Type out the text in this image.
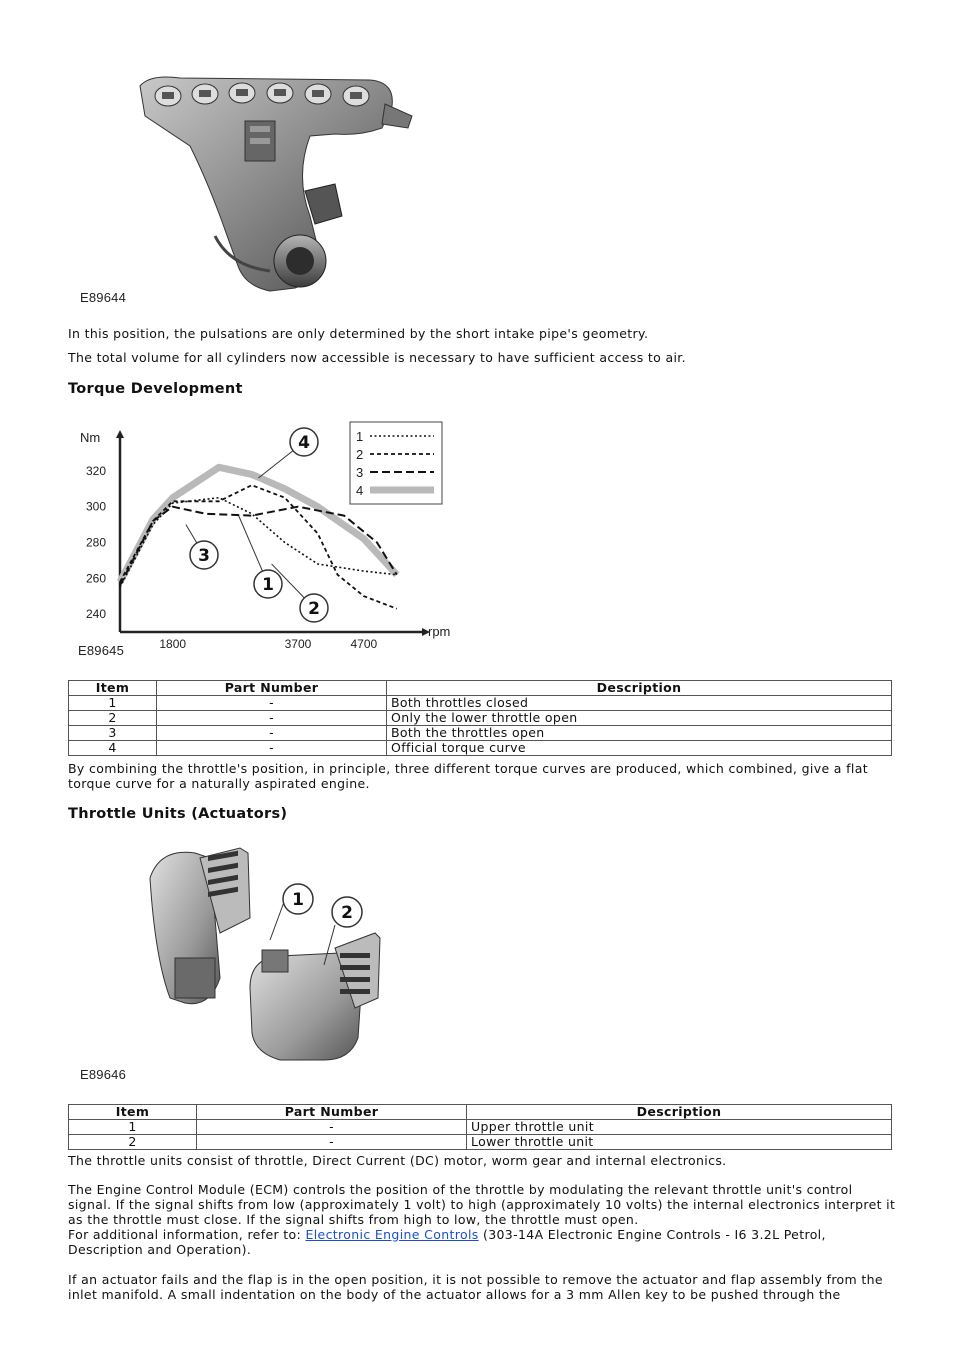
E89644

In this position, the pulsations are only determined by the short intake pipe's geometry.

The total volume for all cylinders now accessible is necessary to have sufficient access to air.

Torque Development
Nm
rpm
240
260
280
300
320
1800	3700	4700
1
2
3
4
1
2
3
4
E89645
Item	Part Number	Description
1	-	Both throttles closed
2	-	Only the lower throttle open
3	-	Both the throttles open
4	-	Official torque curve

By combining the throttle's position, in principle, three different torque curves are produced, which combined, give a flat torque curve for a naturally aspirated engine.

Throttle Units (Actuators)
1
2
E89646
Item	Part Number	Description
1	-	Upper throttle unit
2	-	Lower throttle unit

The throttle units consist of throttle, Direct Current (DC) motor, worm gear and internal electronics.

The Engine Control Module (ECM) controls the position of the throttle by modulating the relevant throttle unit's control signal. If the signal shifts from low (approximately 1 volt) to high (approximately 10 volts) the internal electronics interpret it as the throttle must close. If the signal shifts from high to low, the throttle must open.

For additional information, refer to: Electronic Engine Controls (303-14A Electronic Engine Controls - I6 3.2L Petrol, Description and Operation).

If an actuator fails and the flap is in the open position, it is not possible to remove the actuator and flap assembly from the inlet manifold. A small indentation on the body of the actuator allows for a 3 mm Allen key to be pushed through the
